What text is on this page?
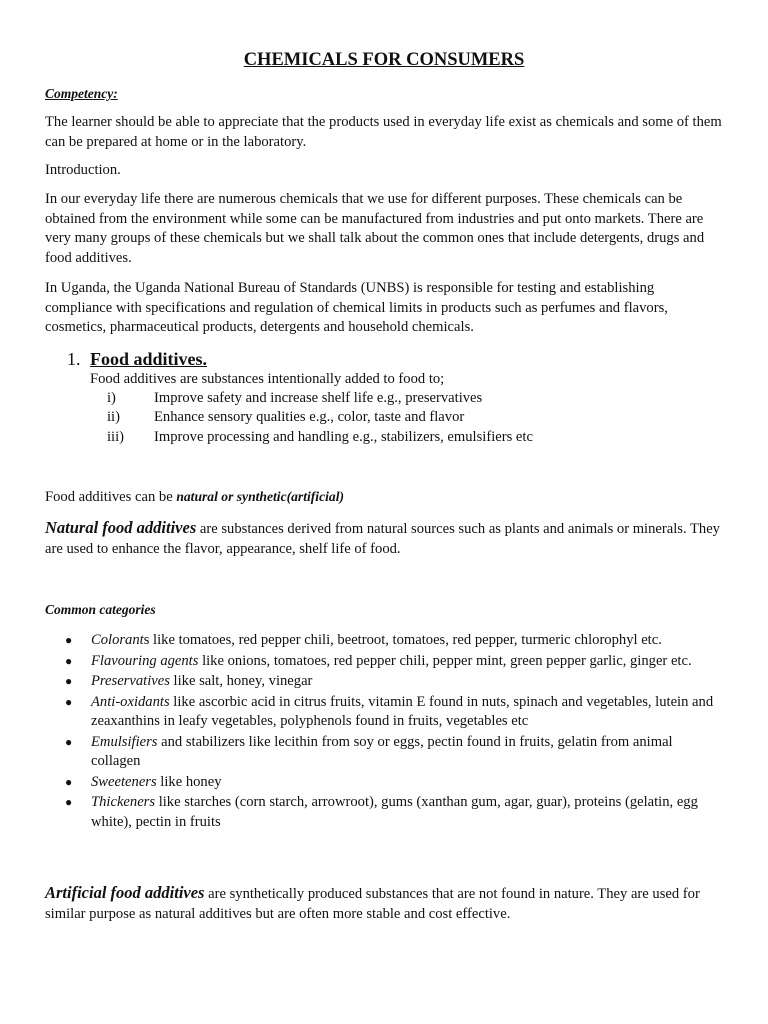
CHEMICALS FOR CONSUMERS

Competency:

The learner should be able to appreciate that the products used in everyday life exist as chemicals and some of them can be prepared at home or in the laboratory.

Introduction.

In our everyday life there are numerous chemicals that we use for different purposes. These chemicals can be obtained from the environment while some can be manufactured from industries and put onto markets. There are very many groups of these chemicals but we shall talk about the common ones that include detergents, drugs and food additives.

In Uganda, the Uganda National Bureau of Standards (UNBS) is responsible for testing and establishing compliance with specifications and regulation of chemical limits in products such as perfumes and flavors, cosmetics, pharmaceutical products, detergents and household chemicals.

1. Food additives.

Food additives are substances intentionally added to food to;

i)	Improve safety and increase shelf life e.g., preservatives
ii) Enhance sensory qualities e.g., color, taste and flavor
iii) Improve processing and handling e.g., stabilizers, emulsifiers etc

Food additives can be natural or synthetic(artificial)

Natural food additives are substances derived from natural sources such as plants and animals or minerals. They are used to enhance the flavor, appearance, shelf life of food.

Common categories

● Colorants like tomatoes, red pepper chili, beetroot, tomatoes, red pepper, turmeric chlorophyl etc.
● Flavouring agents like onions, tomatoes, red pepper chili, pepper mint, green pepper garlic, ginger etc.
● Preservatives like salt, honey, vinegar
● Anti-oxidants like ascorbic acid in citrus fruits, vitamin E found in nuts, spinach and vegetables, lutein and zeaxanthins in leafy vegetables, polyphenols found in fruits, vegetables etc
● Emulsifiers and stabilizers like lecithin from soy or eggs, pectin found in fruits, gelatin from animal collagen
● Sweeteners like honey
● Thickeners like starches (corn starch, arrowroot), gums (xanthan gum, agar, guar), proteins (gelatin, egg white), pectin in fruits

Artificial food additives are synthetically produced substances that are not found in nature. They are used for similar purpose as natural additives but are often more stable and cost effective.
